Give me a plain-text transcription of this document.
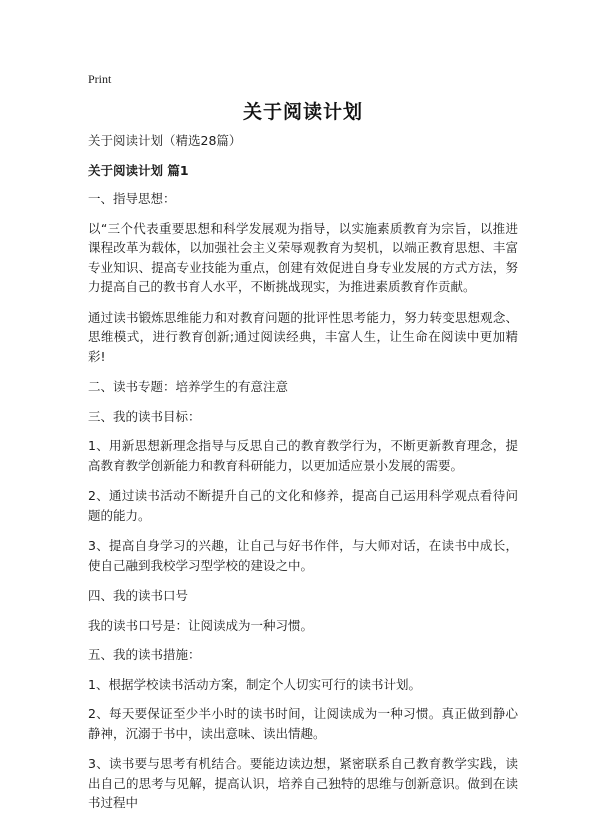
Print
关于阅读计划

关于阅读计划（精选28篇）

关于阅读计划 篇1

一、指导思想：

以“三个代表重要思想和科学发展观为指导，以实施素质教育为宗旨，以推进课程改革为载体，以加强社会主义荣辱观教育为契机，以端正教育思想、丰富专业知识、提高专业技能为重点，创建有效促进自身专业发展的方式方法，努力提高自己的教书育人水平，不断挑战现实，为推进素质教育作贡献。

通过读书锻炼思维能力和对教育问题的批评性思考能力，努力转变思想观念、思维模式，进行教育创新;通过阅读经典，丰富人生，让生命在阅读中更加精彩!

二、读书专题：培养学生的有意注意

三、我的读书目标：

1、用新思想新理念指导与反思自己的教育教学行为，不断更新教育理念，提高教育教学创新能力和教育科研能力，以更加适应景小发展的需要。

2、通过读书活动不断提升自己的文化和修养，提高自己运用科学观点看待问题的能力。

3、提高自身学习的兴趣，让自己与好书作伴，与大师对话，在读书中成长，使自己融到我校学习型学校的建设之中。

四、我的读书口号

我的读书口号是：让阅读成为一种习惯。

五、我的读书措施：

1、根据学校读书活动方案，制定个人切实可行的读书计划。

2、每天要保证至少半小时的读书时间，让阅读成为一种习惯。真正做到静心静神，沉溺于书中，读出意味、读出情趣。

3、读书要与思考有机结合。要能边读边想，紧密联系自己教育教学实践，读出自己的思考与见解，提高认识，培养自己独特的思维与创新意识。做到在读书过程中
